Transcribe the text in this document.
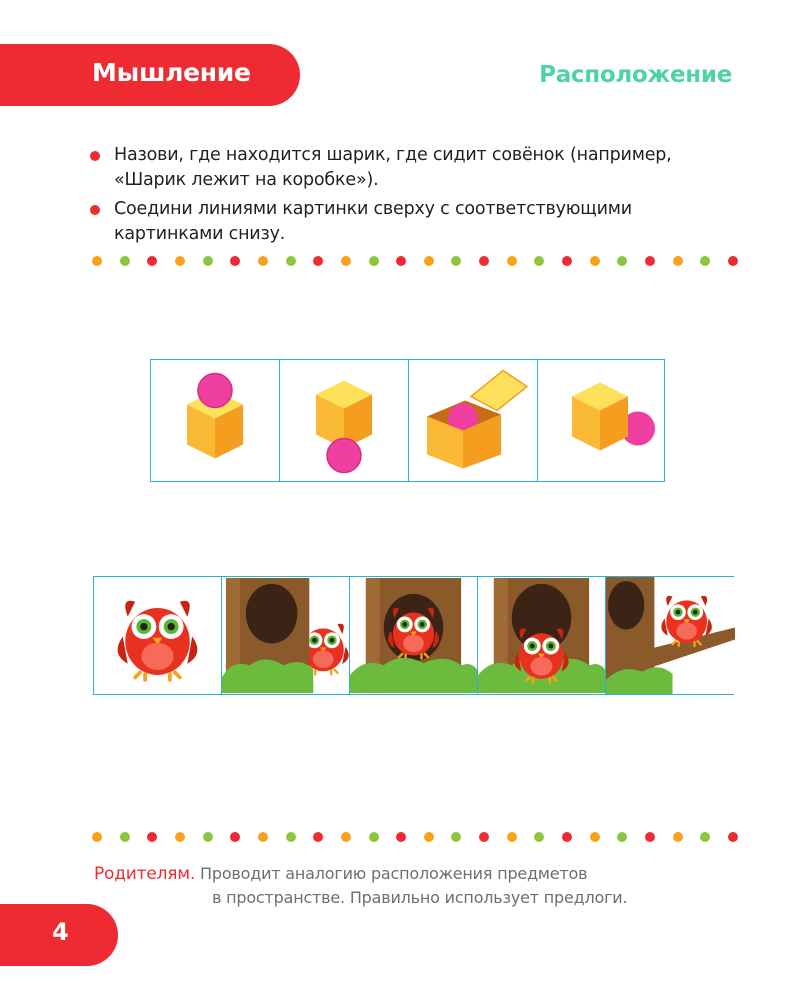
Мышление	Расположение
Назови, где находится шарик, где сидит совёнок (например,
«Шарик лежит на коробке»).
Соедини линиями картинки сверху с соответствующими
картинками снизу.
Родителям. Проводит аналогию расположения предметов
в пространстве. Правильно использует предлоги.
4
